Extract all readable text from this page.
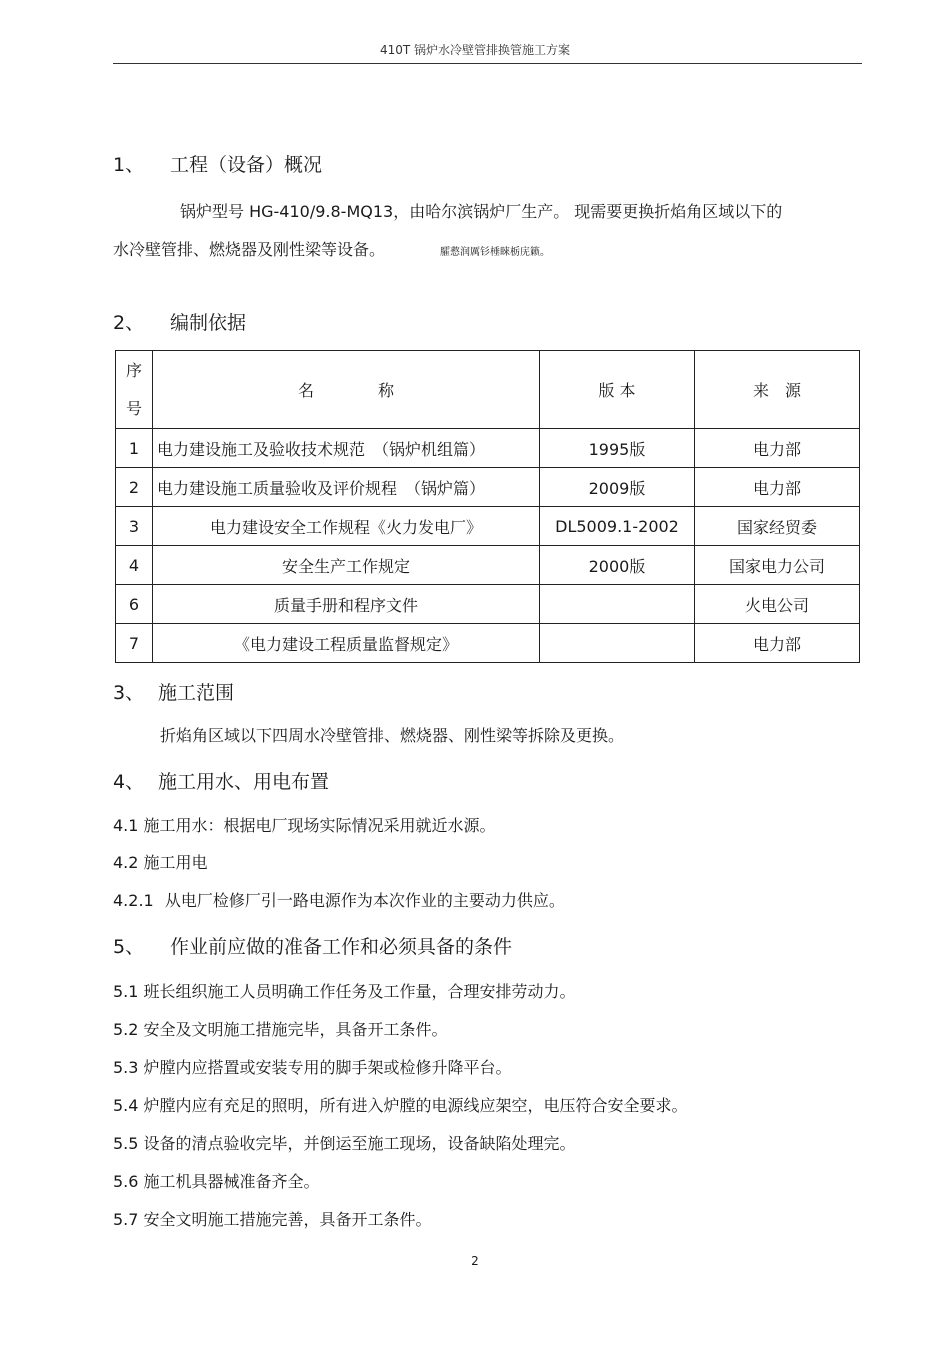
410T 锅炉水冷壁管排换管施工方案
1、 工程（设备）概况
锅炉型号 HG-410/9.8-MQ13，由哈尔滨锅炉厂生产。 现需要更换折焰角区域以下的
水冷壁管排、燃烧器及刚性梁等设备。	臛慦润厲钐棰睞栃庑籁。
2、 编制依据
序
号	名　　　　称	版 本	来　源
1	电力建设施工及验收技术规范　（锅炉机组篇）	1995版	电力部
2	电力建设施工质量验收及评价规程　（锅炉篇）	2009版	电力部
3	电力建设安全工作规程《火力发电厂》	DL5009.1-2002	国家经贸委
4	安全生产工作规定	2000版	国家电力公司
6	质量手册和程序文件		火电公司
7	《电力建设工程质量监督规定》		电力部
3、 施工范围
折焰角区域以下四周水冷壁管排、燃烧器、刚性梁等拆除及更换。
4、 施工用水、用电布置
4.1 施工用水：根据电厂现场实际情况采用就近水源。
4.2 施工用电
4.2.1 从电厂检修厂引一路电源作为本次作业的主要动力供应。
5、 作业前应做的准备工作和必须具备的条件
5.1 班长组织施工人员明确工作任务及工作量，合理安排劳动力。
5.2 安全及文明施工措施完毕，具备开工条件。
5.3 炉膛内应搭置或安装专用的脚手架或检修升降平台。
5.4 炉膛内应有充足的照明，所有进入炉膛的电源线应架空，电压符合安全要求。
5.5 设备的清点验收完毕，并倒运至施工现场，设备缺陷处理完。
5.6 施工机具器械准备齐全。
5.7 安全文明施工措施完善，具备开工条件。
2
